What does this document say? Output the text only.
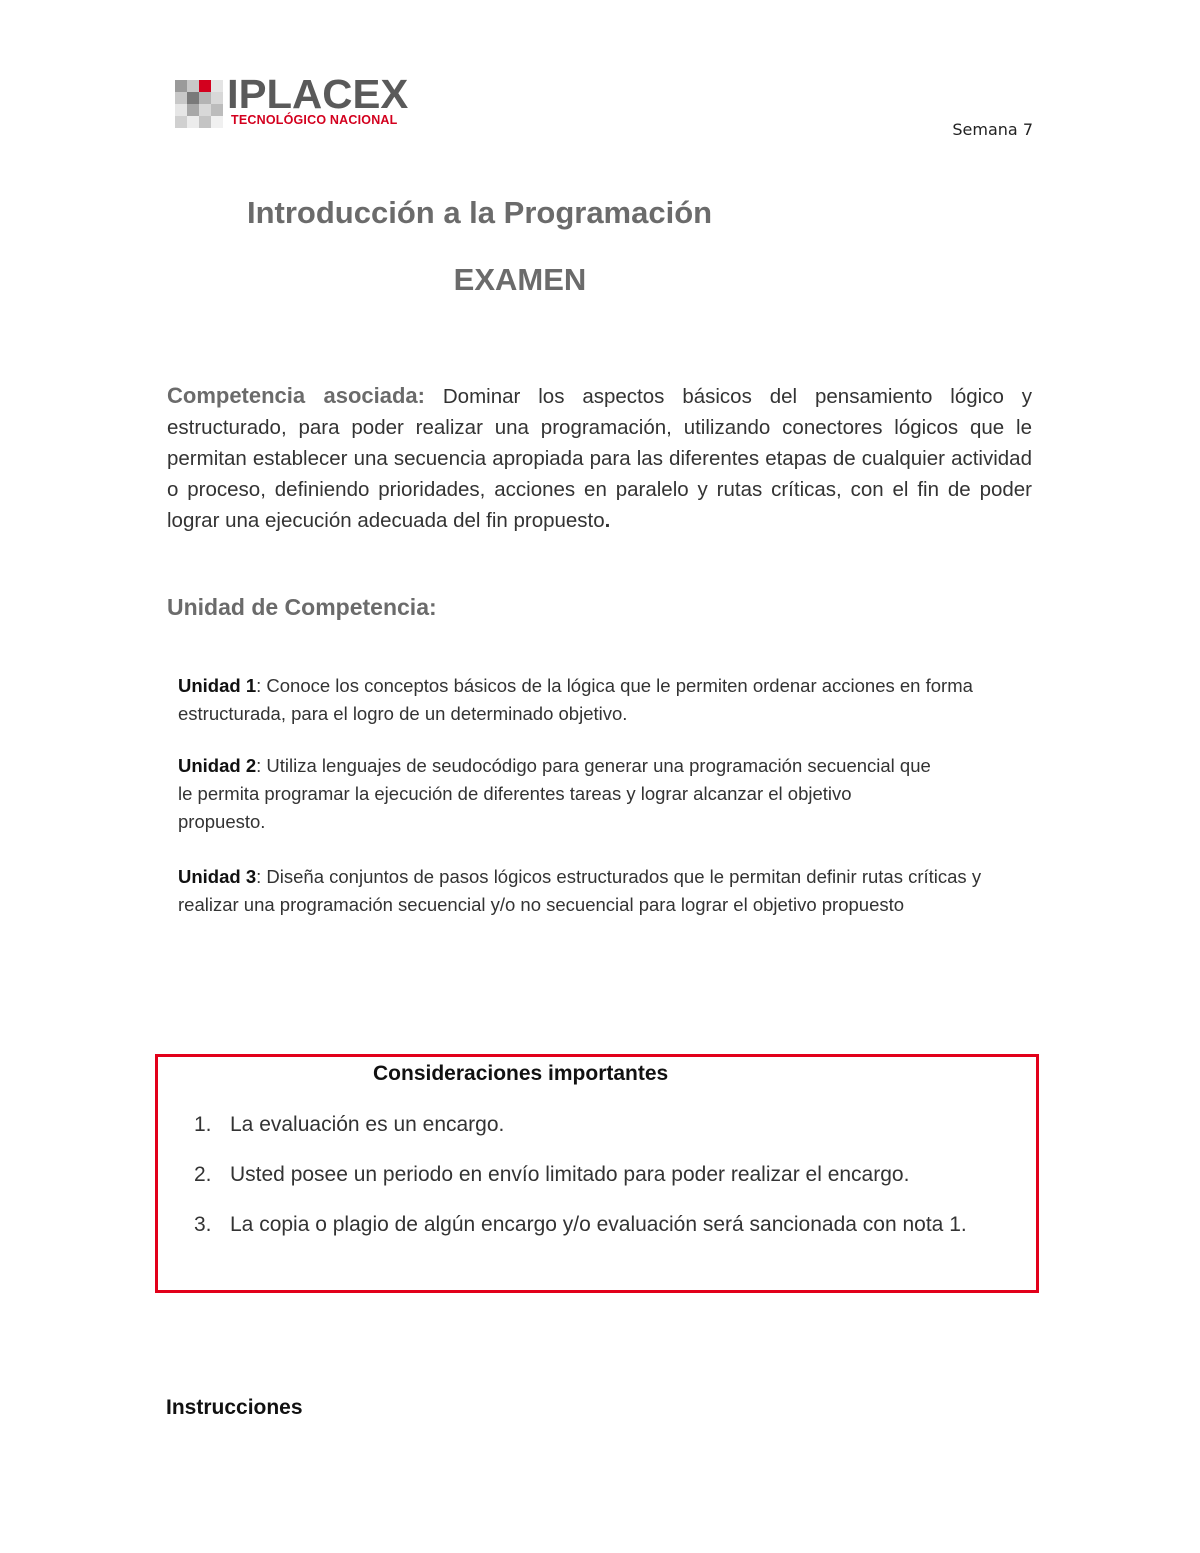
IPLACEX
TECNOLÓGICO NACIONAL	Semana 7
Introducción a la Programación
EXAMEN
Competencia asociada: Dominar los aspectos básicos del pensamiento lógico y estructurado, para poder realizar una programación, utilizando conectores lógicos que le permitan establecer una secuencia apropiada para las diferentes etapas de cualquier actividad o proceso, definiendo prioridades, acciones en paralelo y rutas críticas, con el fin de poder lograr una ejecución adecuada del fin propuesto.
Unidad de Competencia:
Unidad 1: Conoce los conceptos básicos de la lógica que le permiten ordenar acciones en forma estructurada, para el logro de un determinado objetivo.
Unidad 2: Utiliza lenguajes de seudocódigo para generar una programación secuencial que le permita programar la ejecución de diferentes tareas y lograr alcanzar el objetivo propuesto.
Unidad 3: Diseña conjuntos de pasos lógicos estructurados que le permitan definir rutas críticas y realizar una programación secuencial y/o no secuencial para lograr el objetivo propuesto
Consideraciones importantes
1. La evaluación es un encargo.
2. Usted posee un periodo en envío limitado para poder realizar el encargo.
3. La copia o plagio de algún encargo y/o evaluación será sancionada con nota 1.
Instrucciones
